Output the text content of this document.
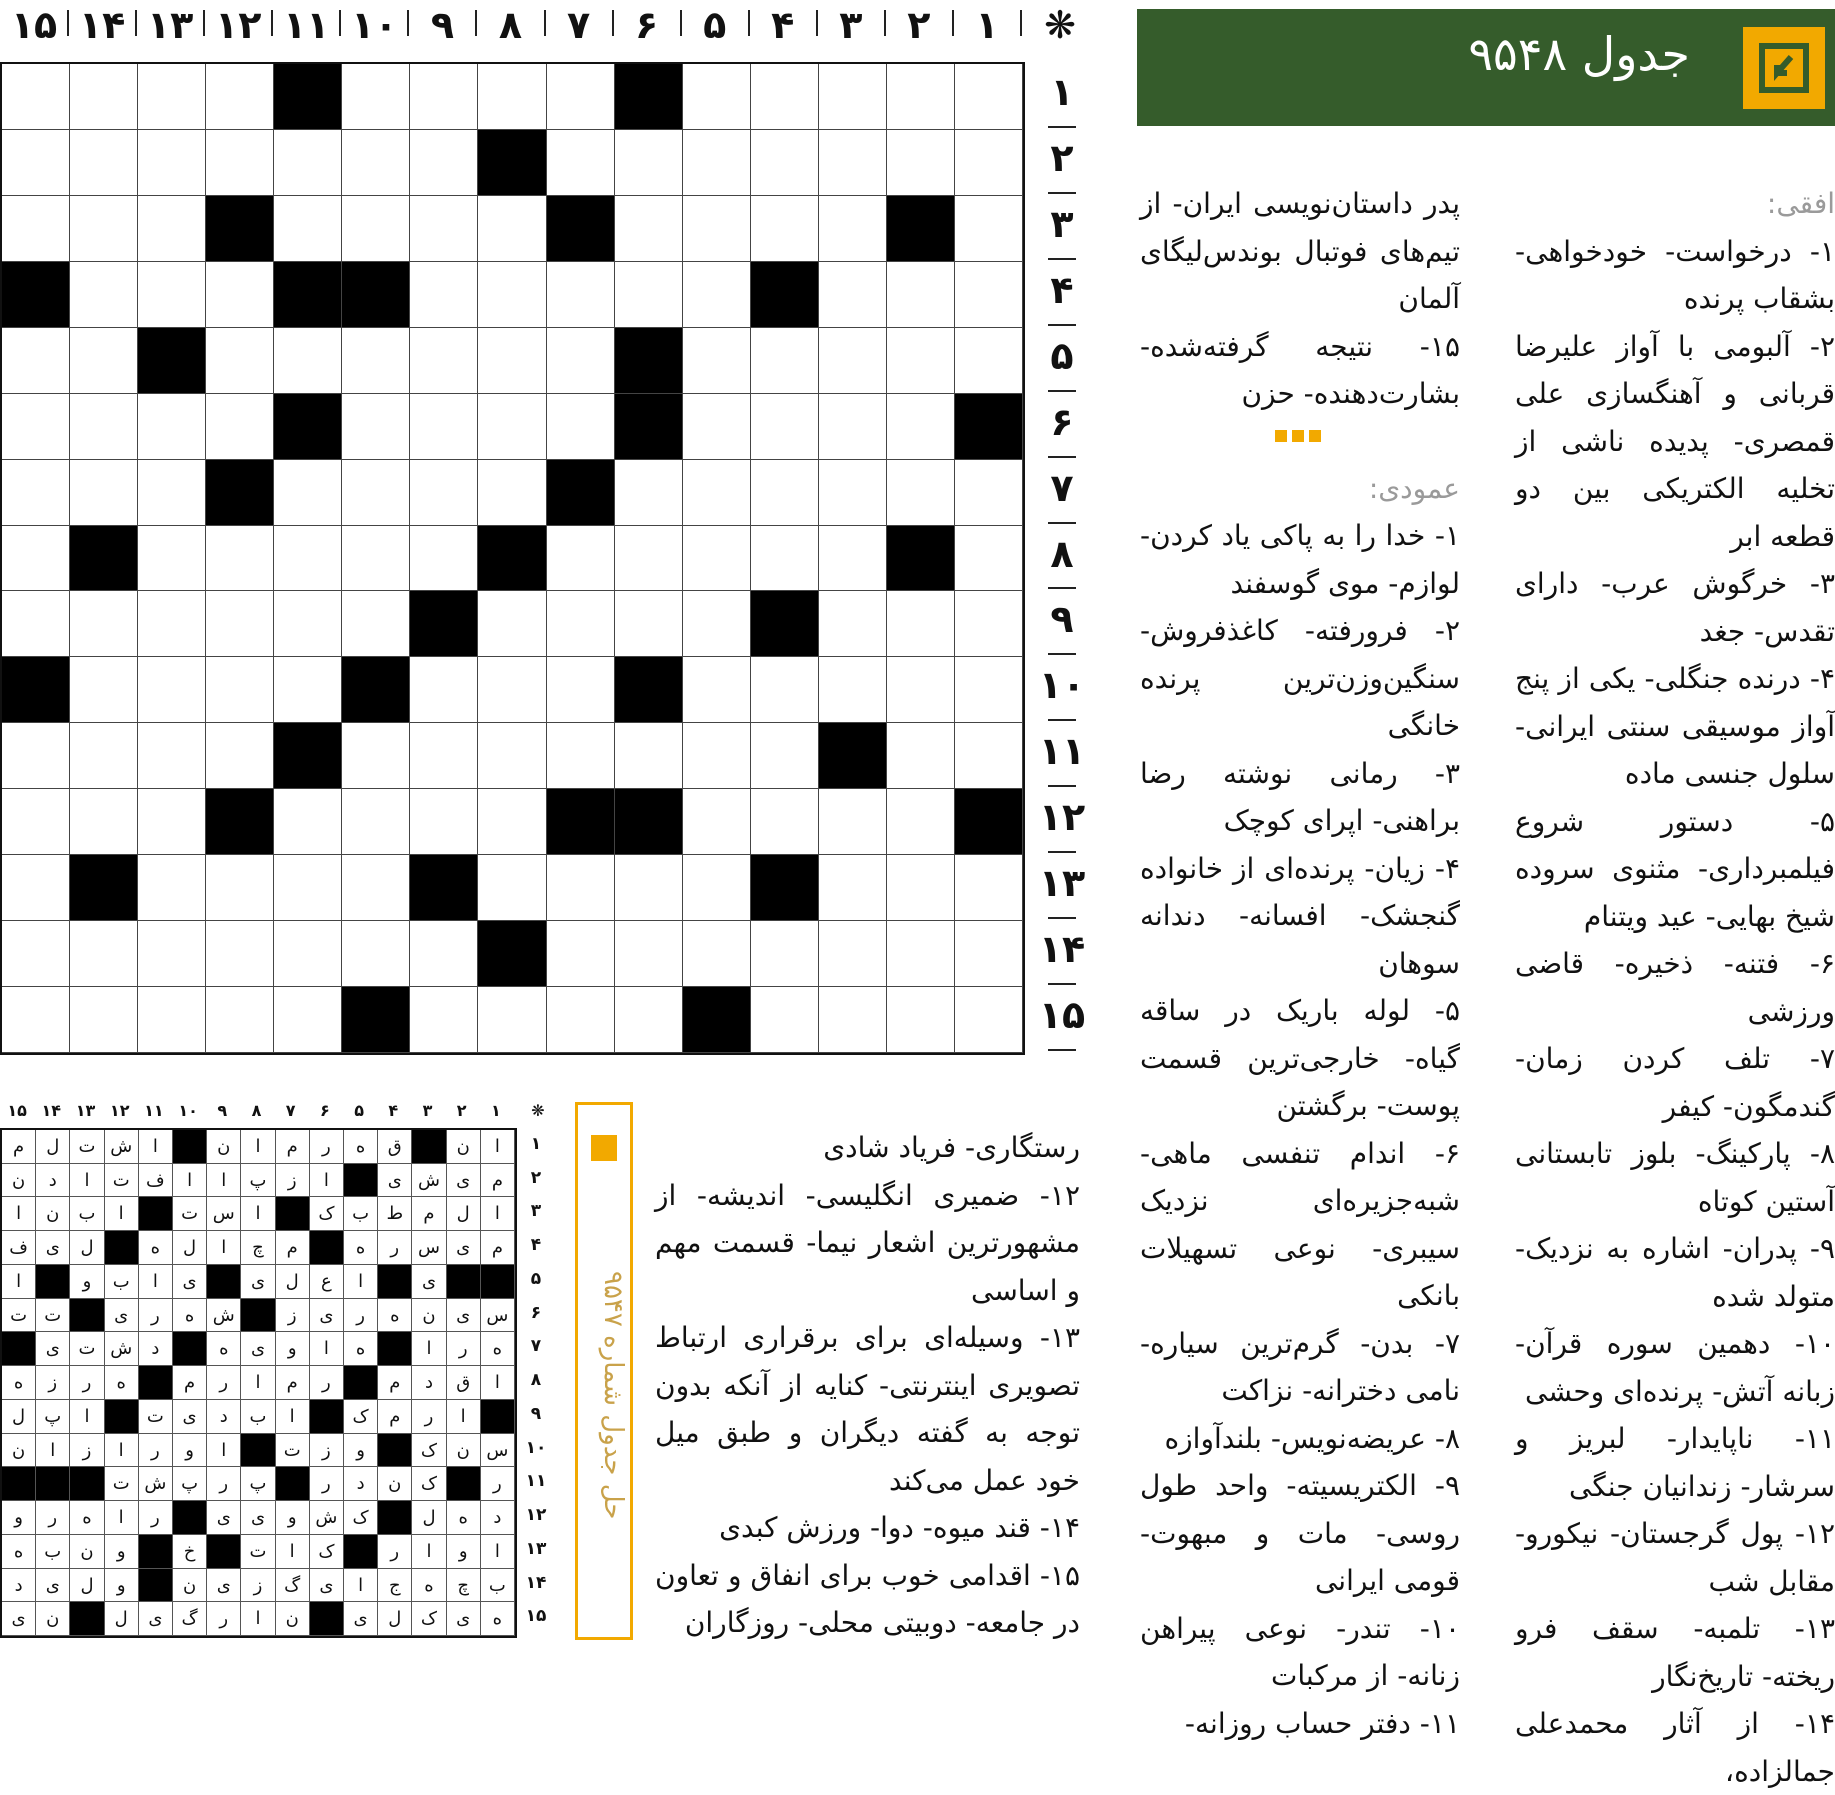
❋
۱
۲
۳
۴
۵
۶
۷
۸
۹
۱۰
۱۱
۱۲
۱۳
۱۴
۱۵
۱
۲
۳
۴
۵
۶
۷
۸
۹
۱۰
۱۱
۱۲
۱۳
۱۴
۱۵
جدول ۹۵۴۸
افقی:
۱- درخواست- خودخواهی- بشقاب پرنده
۲- آلبومی با آواز علیرضا قربانی و آهنگسازی علی قمصری- پدیده ناشی از تخلیه الکتریکی بین دو قطعه ابر
۳- خرگوش عرب- دارای تقدس- جغد
۴- درنده جنگلی- یکی از پنج آواز موسیقی سنتی ایرانی- سلول جنسی ماده
۵- دستور شروع فیلمبرداری- مثنوی سروده شیخ بهایی- عید ویتنام
۶- فتنه- ذخیره- قاضی ورزشی
۷- تلف کردن زمان- گندمگون- کیفر
۸- پارکینگ- بلوز تابستانی آستین کوتاه
۹- پدران- اشاره به نزدیک- متولد شده
۱۰- دهمین سوره قرآن- زبانه آتش- پرنده‌ای وحشی
۱۱- ناپایدار- لبریز و سرشار- زندانیان جنگی
۱۲- پول گرجستان- نیکورو- مقابل شب
۱۳- تلمبه- سقف فرو ریخته- تاریخ‌نگار
۱۴- از آثار محمدعلی جمالزاده،
پدر داستان‌نویسی ایران- از تیم‌های فوتبال بوندس‌لیگای آلمان
۱۵- نتیجه گرفته‌شده- بشارت‌دهنده- حزن
عمودی:
۱- خدا را به پاکی یاد کردن- لوازم- موی گوسفند
۲- فرورفته- کاغذفروش- سنگین‌وزن‌ترین پرنده خانگی
۳- رمانی نوشته رضا براهنی- اپرای کوچک
۴- زیان- پرنده‌ای از خانواده گنجشک- افسانه- دندانه سوهان
۵- لوله باریک در ساقه گیاه- خارجی‌ترین قسمت پوست- برگشتن
۶- اندام تنفسی ماهی- شبه‌جزیره‌ای نزدیک سیبری- نوعی تسهیلات بانکی
۷- بدن- گرم‌ترین سیاره- نامی دخترانه- نزاکت
۸- عریضه‌نویس- بلندآوازه
۹- الکتریسیته- واحد طول روسی- مات و مبهوت- قومی ایرانی
۱۰- تندر- نوعی پیراهن زنانه- از مرکبات
۱۱- دفتر حساب روزانه-
رستگاری- فریاد شادی
۱۲- ضمیری انگلیسی- اندیشه- از مشهورترین اشعار نیما- قسمت مهم و اساسی
۱۳- وسیله‌ای برای برقراری ارتباط تصویری اینترنتی- کنایه از آنکه بدون توجه به گفته دیگران و طبق میل خود عمل می‌کند
۱۴- قند میوه- دوا- ورزش کبدی
۱۵- اقدامی خوب برای انفاق و تعاون در جامعه- دوبیتی محلی- روزگاران
حل جدول شماره ۹۵۴۷
❋
۱
۲
۳
۴
۵
۶
۷
۸
۹
۱۰
۱۱
۱۲
۱۳
۱۴
۱۵
ا
ن
ق
ه
ر
م
ا
ن
ا
ش
ت
ل
م
م
ی
ش
ی
ا
ز
پ
ا
ا
ف
ت
ا
د
ن
ا
ل
م
ط
ب
ک
ا
س
ت
ا
ب
ن
ا
م
ی
س
ر
ه
م
چ
ا
ل
ه
ل
ی
ف
ی
ا
ع
ل
ی
ی
ا
ب
و
ا
س
ی
ن
ه
ر
ی
ز
ش
ه
ر
ی
ت
ت
ه
ر
ا
ه
ا
و
ی
ه
د
ش
ت
ی
ا
ق
د
م
ر
م
ا
ر
م
ه
ر
ز
ه
ا
ر
م
ک
ا
ب
د
ی
ت
ا
پ
ل
س
ن
ک
و
ز
ت
ا
و
ر
ا
ز
ا
ن
ر
ک
ن
د
ر
پ
ر
پ
ش
ت
د
ه
ل
ک
ش
و
ی
ی
ر
ا
ه
ر
و
ا
و
ا
ر
ک
ا
ت
خ
و
ن
ب
ه
ب
چ
ه
ج
ا
ی
گ
ز
ی
ن
و
ل
ی
د
ه
ی
ک
ل
ی
ن
ا
ر
گ
ی
ل
ن
ی
۱
۲
۳
۴
۵
۶
۷
۸
۹
۱۰
۱۱
۱۲
۱۳
۱۴
۱۵
